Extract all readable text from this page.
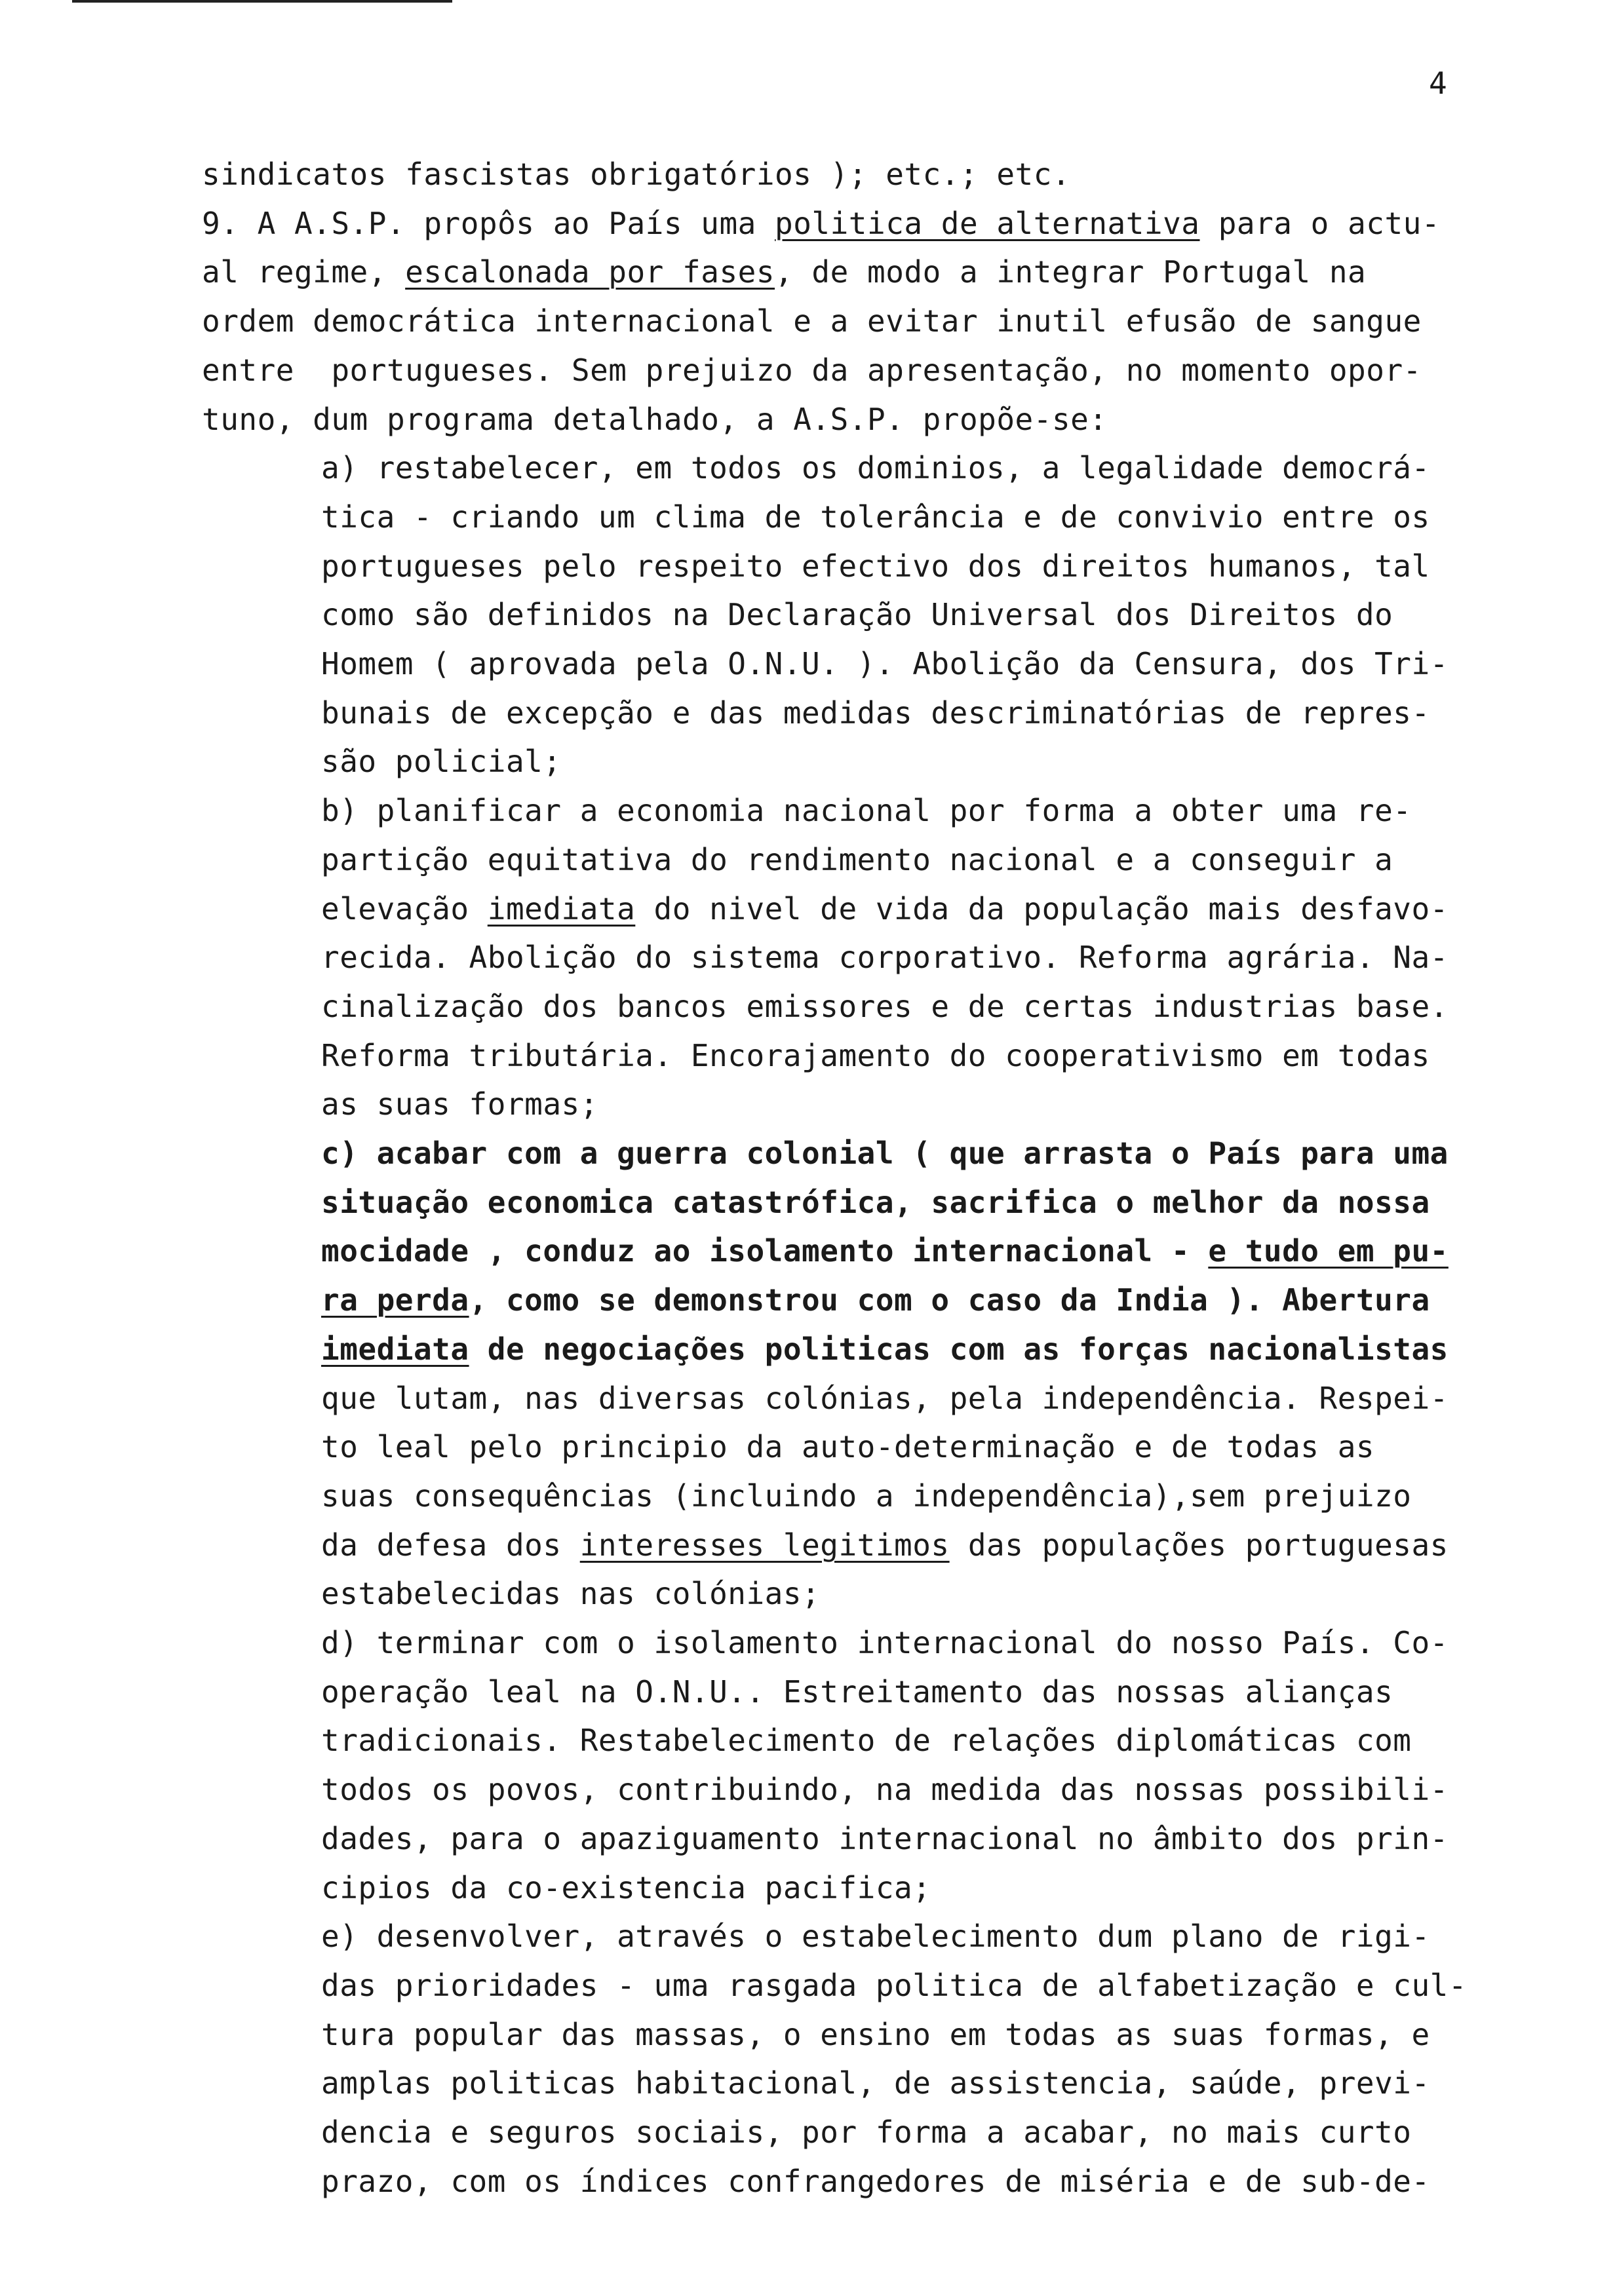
4
sindicatos fascistas obrigatórios ); etc.; etc.
9. A A.S.P. propôs ao País uma politica de alternativa para o actu-
al regime, escalonada por fases, de modo a integrar Portugal na
ordem democrática internacional e a evitar inutil efusão de sangue
entre  portugueses. Sem prejuizo da apresentação, no momento opor-
tuno, dum programa detalhado, a A.S.P. propõe-se:
a) restabelecer, em todos os dominios, a legalidade democrá-
tica - criando um clima de tolerância e de convivio entre os
portugueses pelo respeito efectivo dos direitos humanos, tal
como são definidos na Declaração Universal dos Direitos do
Homem ( aprovada pela O.N.U. ). Abolição da Censura, dos Tri-
bunais de excepção e das medidas descriminatórias de repres-
são policial;
b) planificar a economia nacional por forma a obter uma re-
partição equitativa do rendimento nacional e a conseguir a
elevação imediata do nivel de vida da população mais desfavo-
recida. Abolição do sistema corporativo. Reforma agrária. Na-
cinalização dos bancos emissores e de certas industrias base.
Reforma tributária. Encorajamento do cooperativismo em todas
as suas formas;
c) acabar com a guerra colonial ( que arrasta o País para uma
situação economica catastrófica, sacrifica o melhor da nossa
mocidade , conduz ao isolamento internacional - e tudo em pu-
ra perda, como se demonstrou com o caso da India ). Abertura
imediata de negociações politicas com as forças nacionalistas
que lutam, nas diversas colónias, pela independência. Respei-
to leal pelo principio da auto-determinação e de todas as
suas consequências (incluindo a independência),sem prejuizo
da defesa dos interesses legitimos das populações portuguesas
estabelecidas nas colónias;
d) terminar com o isolamento internacional do nosso País. Co-
operação leal na O.N.U.. Estreitamento das nossas alianças
tradicionais. Restabelecimento de relações diplomáticas com
todos os povos, contribuindo, na medida das nossas possibili-
dades, para o apaziguamento internacional no âmbito dos prin-
cipios da co-existencia pacifica;
e) desenvolver, através o estabelecimento dum plano de rigi-
das prioridades - uma rasgada politica de alfabetização e cul-
tura popular das massas, o ensino em todas as suas formas, e
amplas politicas habitacional, de assistencia, saúde, previ-
dencia e seguros sociais, por forma a acabar, no mais curto
prazo, com os índices confrangedores de miséria e de sub-de-
